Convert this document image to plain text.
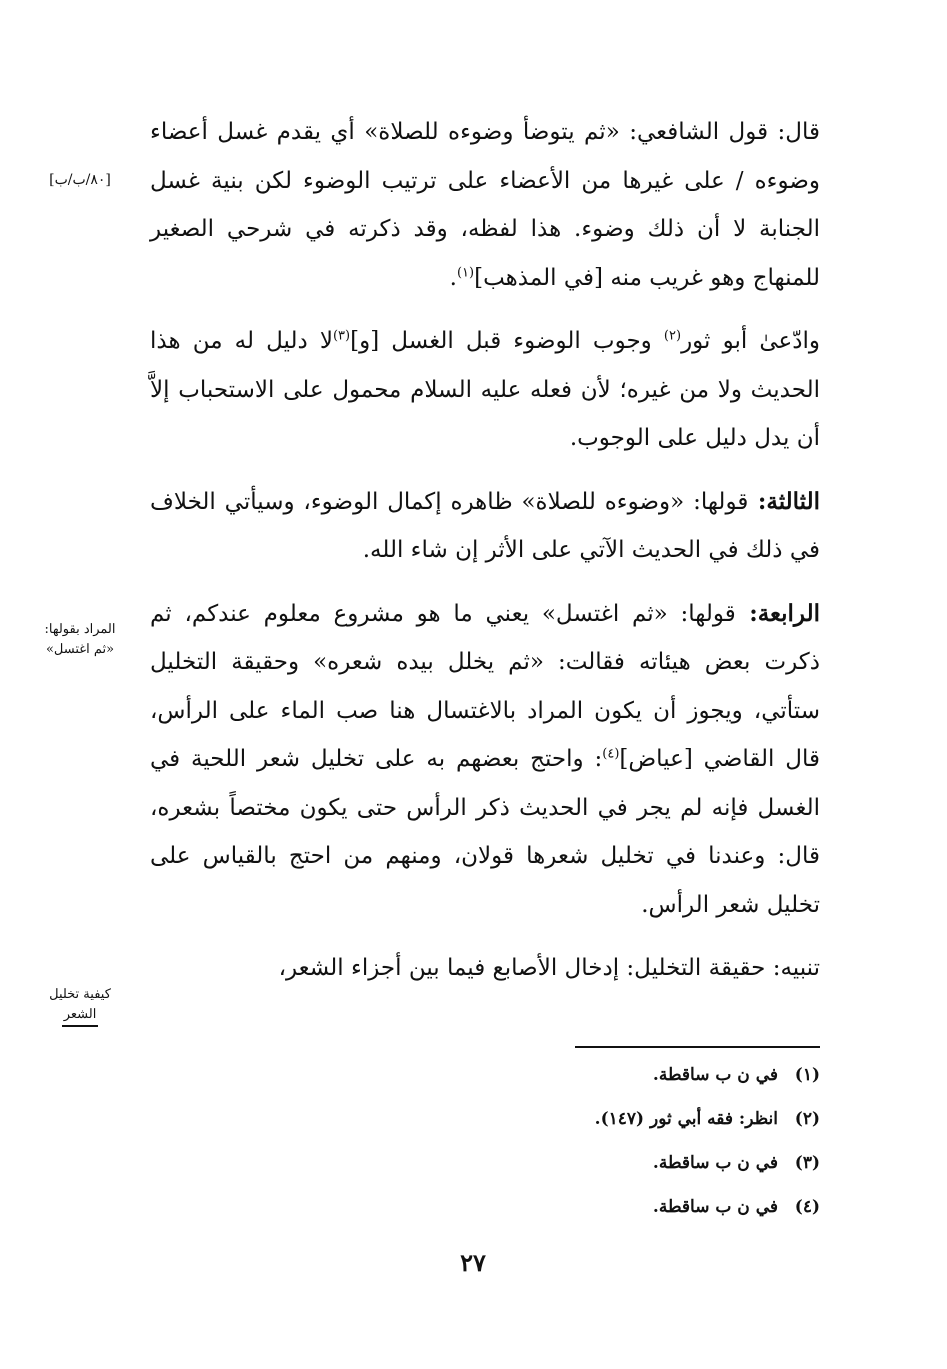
قال: قول الشافعي: «ثم يتوضأ وضوءه للصلاة» أي يقدم غسل أعضاء وضوءه / على غيرها من الأعضاء على ترتيب الوضوء لكن بنية غسل الجنابة لا أن ذلك وضوء. هذا لفظه، وقد ذكرته في شرحي الصغير للمنهاج وهو غريب منه [في المذهب]$^{(١)}$.

وادّعىٰ أبو ثور$^{(٢)}$ وجوب الوضوء قبل الغسل [و]$^{(٣)}$لا دليل له من هذا الحديث ولا من غيره؛ لأن فعله عليه السلام محمول على الاستحباب إلاَّ أن يدل دليل على الوجوب.

الثالثة: قولها: «وضوءه للصلاة» ظاهره إكمال الوضوء، وسيأتي الخلاف في ذلك في الحديث الآتي على الأثر إن شاء الله.

الرابعة: قولها: «ثم اغتسل» يعني ما هو مشروع معلوم عندكم، ثم ذكرت بعض هيئاته فقالت: «ثم يخلل بيده شعره» وحقيقة التخليل ستأتي، ويجوز أن يكون المراد بالاغتسال هنا صب الماء على الرأس، قال القاضي [عياض]$^{(٤)}$: واحتج بعضهم به على تخليل شعر اللحية في الغسل فإنه لم يجر في الحديث ذكر الرأس حتى يكون مختصاً بشعره، قال: وعندنا في تخليل شعرها قولان، ومنهم من احتج بالقياس على تخليل شعر الرأس.

تنبيه: حقيقة التخليل: إدخال الأصابع فيما بين أجزاء الشعر،

[٨٠/ب/ب]
المراد بقولها:
«ثم اغتسل»
كيفية تخليل
الشعر
(١)في ن ب ساقطة.
(٢)انظر: فقه أبي ثور (١٤٧).
(٣)في ن ب ساقطة.
(٤)في ن ب ساقطة.
٢٧
